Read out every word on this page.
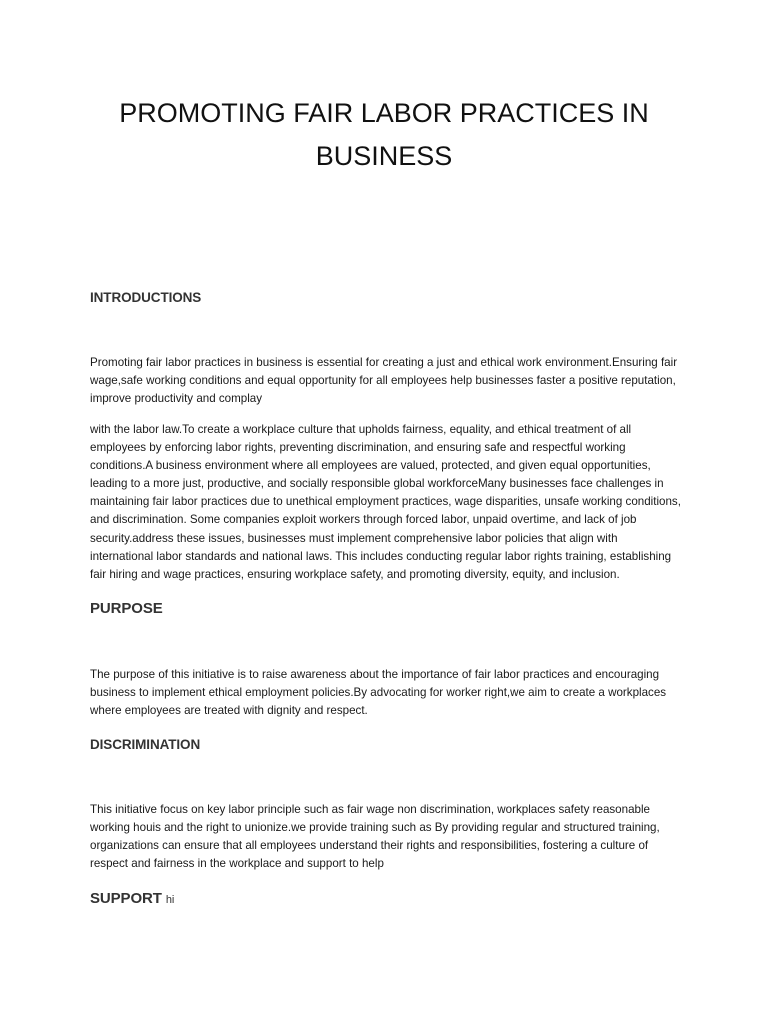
PROMOTING FAIR LABOR PRACTICES IN BUSINESS
INTRODUCTIONS

Promoting fair labor practices in business is essential for creating a just and ethical work environment.Ensuring fair wage,safe working conditions and equal opportunity for all employees help businesses faster a positive reputation, improve productivity and complay

with the labor law.To create a workplace culture that upholds fairness, equality, and ethical treatment of all employees by enforcing labor rights, preventing discrimination, and ensuring safe and respectful working conditions.A business environment where all employees are valued, protected, and given equal opportunities, leading to a more just, productive, and socially responsible global workforceMany businesses face challenges in maintaining fair labor practices due to unethical employment practices, wage disparities, unsafe working conditions, and discrimination. Some companies exploit workers through forced labor, unpaid overtime, and lack of job security.address these issues, businesses must implement comprehensive labor policies that align with international labor standards and national laws. This includes conducting regular labor rights training, establishing fair hiring and wage practices, ensuring workplace safety, and promoting diversity, equity, and inclusion.

PURPOSE

The purpose of this initiative is to raise awareness about the importance of fair labor practices and encouraging business to implement ethical employment policies.By advocating for worker right,we aim to create a workplaces where employees are treated with dignity and respect.

DISCRIMINATION

This initiative focus on key labor principle such as fair wage non discrimination, workplaces safety reasonable working houis and the right to unionize.we provide training such as By providing regular and structured training, organizations can ensure that all employees understand their rights and responsibilities, fostering a culture of respect and fairness in the workplace and support to help

SUPPORT hi
